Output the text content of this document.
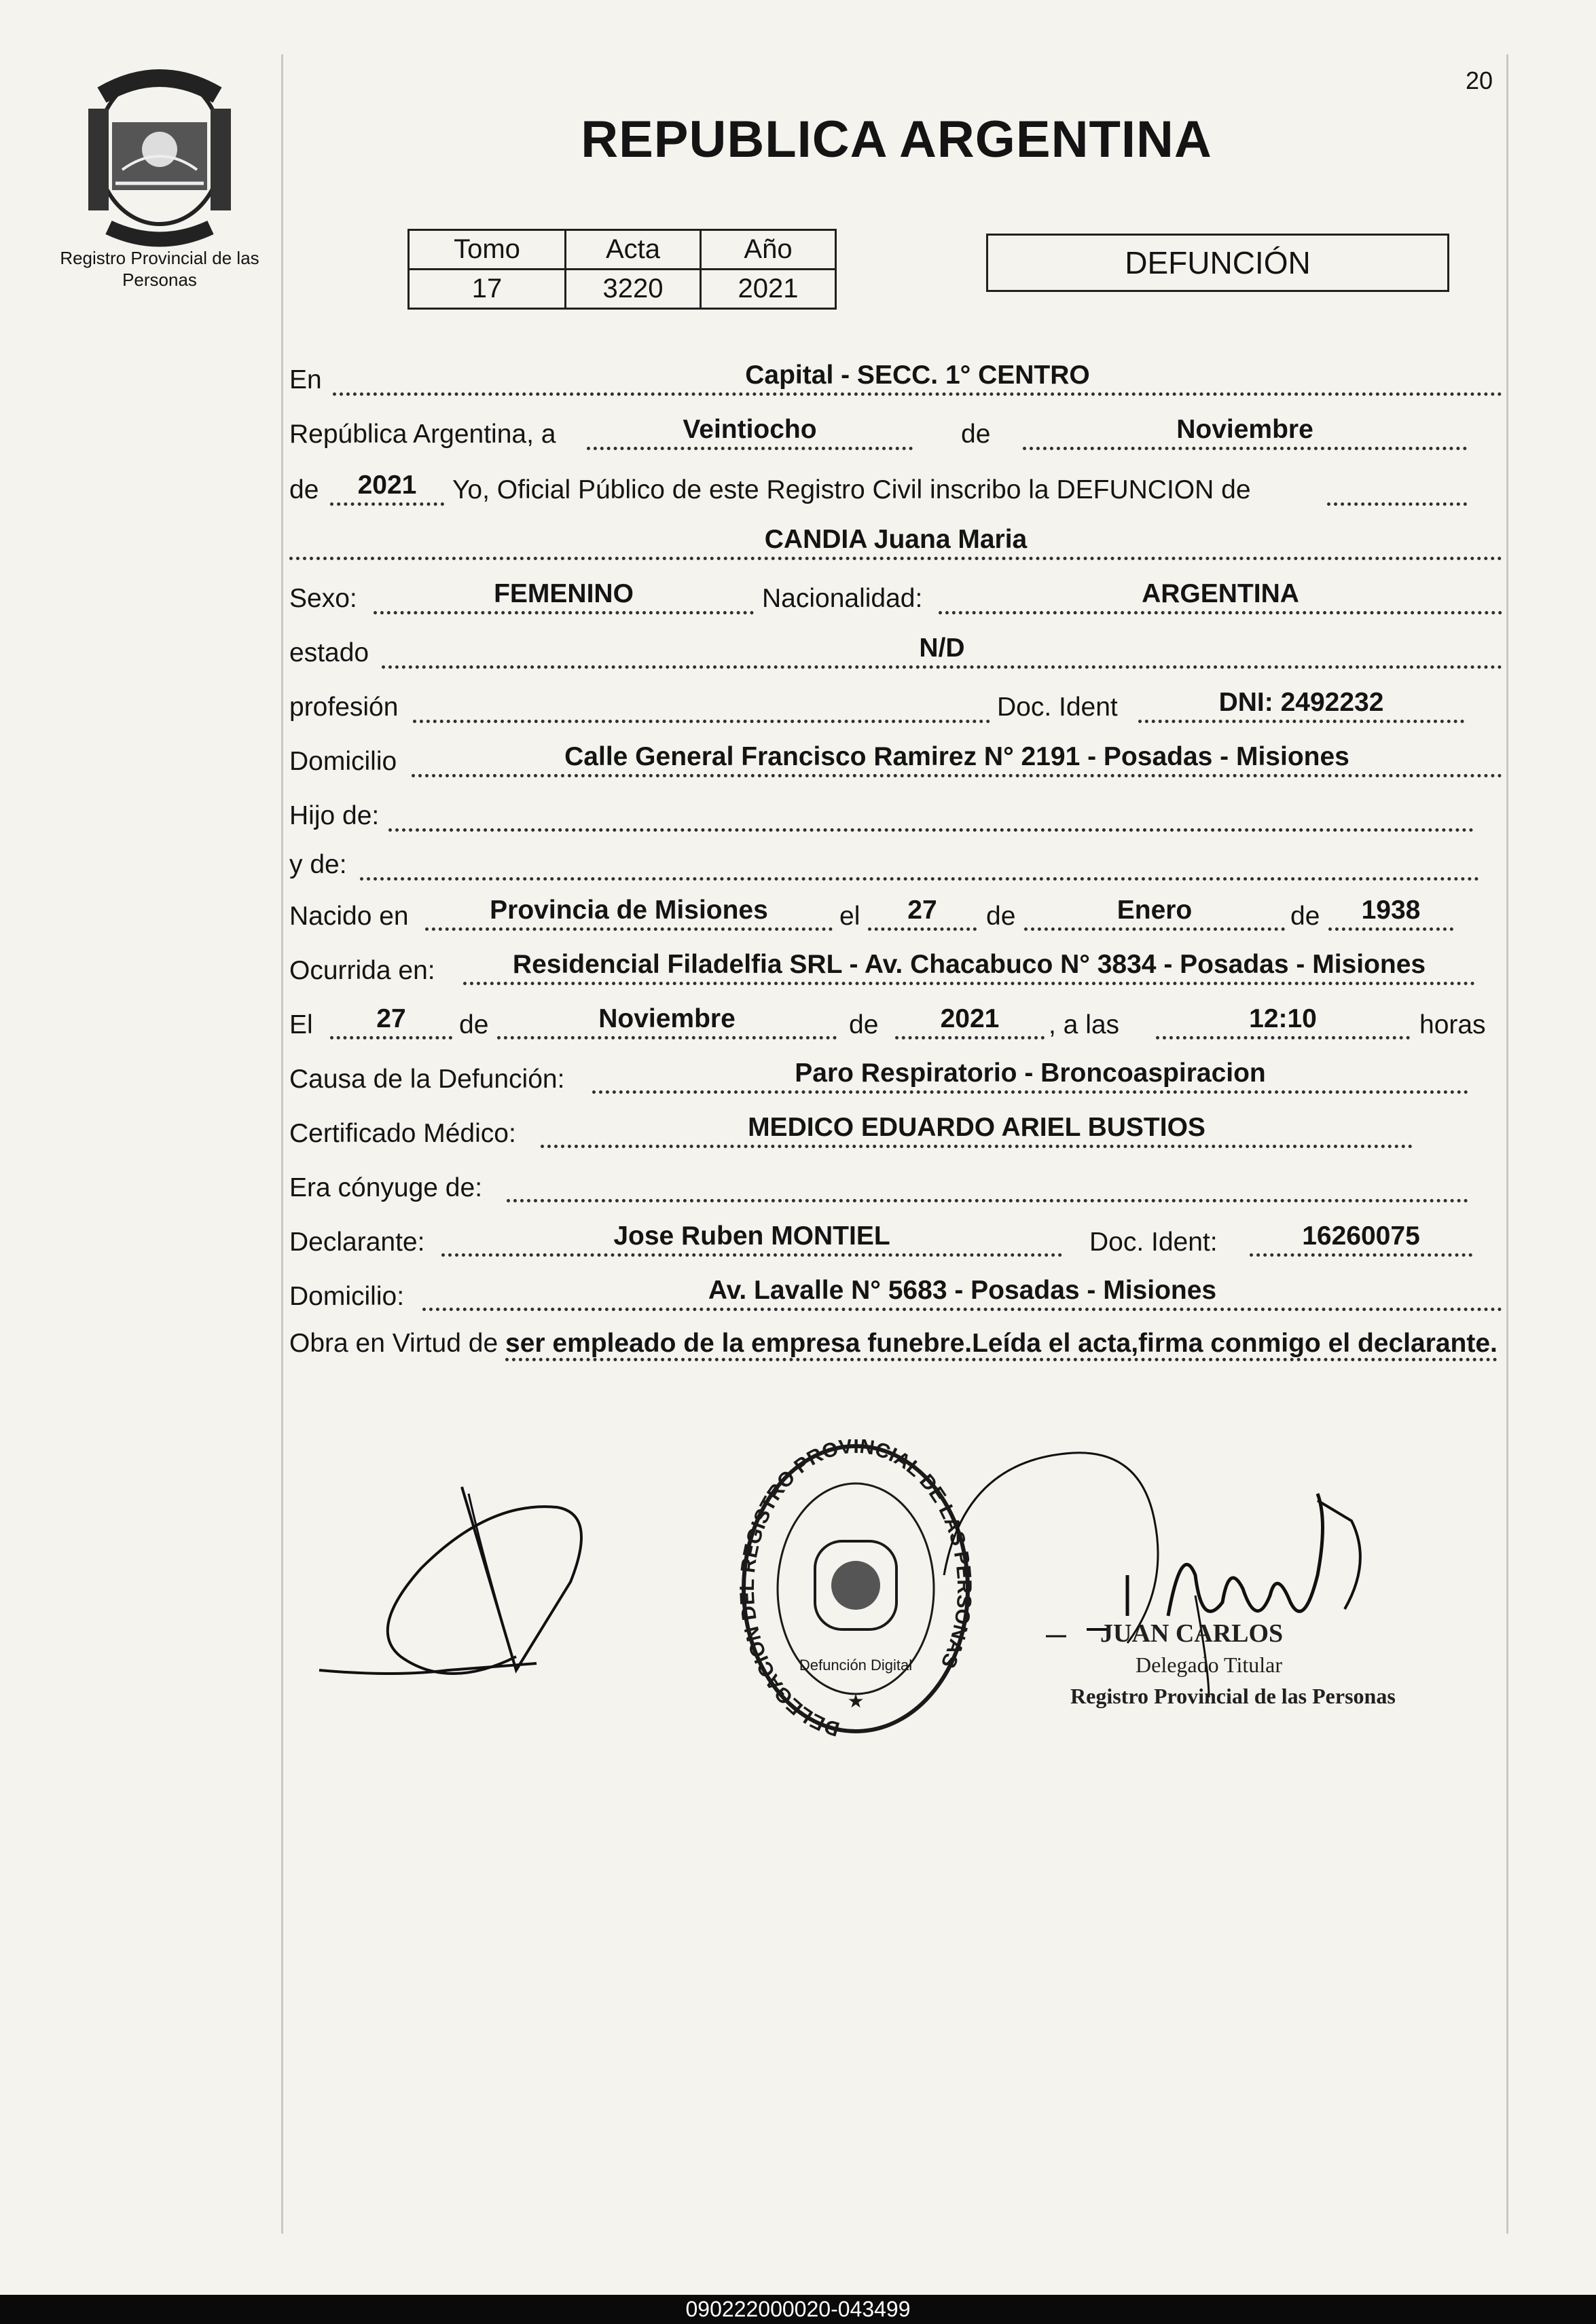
Registro Provincial de las Personas
20
REPUBLICA ARGENTINA
Tomo	Acta	Año
17	3220	2021
DEFUNCIÓN
En	Capital - SECC. 1° CENTRO
República Argentina, a	Veintiocho	de	Noviembre
de	2021	Yo, Oficial Público de este Registro Civil inscribo la DEFUNCION de
CANDIA Juana Maria
Sexo:	FEMENINO	Nacionalidad:	ARGENTINA
estado	N/D
profesión	Doc. Ident	DNI: 2492232
Domicilio	Calle General Francisco Ramirez N° 2191 - Posadas - Misiones
Hijo de:
y de:
Nacido en	Provincia de Misiones	el	27	de	Enero	de	1938
Ocurrida en:	Residencial Filadelfia SRL - Av. Chacabuco N° 3834 - Posadas - Misiones
El	27	de	Noviembre	de	2021	, a las	12:10	horas
Causa de la Defunción:	Paro Respiratorio - Broncoaspiracion
Certificado Médico:	MEDICO EDUARDO ARIEL BUSTIOS
Era cónyuge de:
Declarante:	Jose Ruben MONTIEL	Doc. Ident:	16260075
Domicilio:	Av. Lavalle N° 5683 - Posadas - Misiones
Obra en Virtud de ser empleado de la empresa funebre.Leída el acta,firma conmigo el declarante.
DELEGACION DEL REGISTRO PROVINCIAL DE LAS PERSONAS
Defunción Digital
★
JUAN CARLOS
Delegado Titular
Registro Provincial de las Personas
090222000020-043499
